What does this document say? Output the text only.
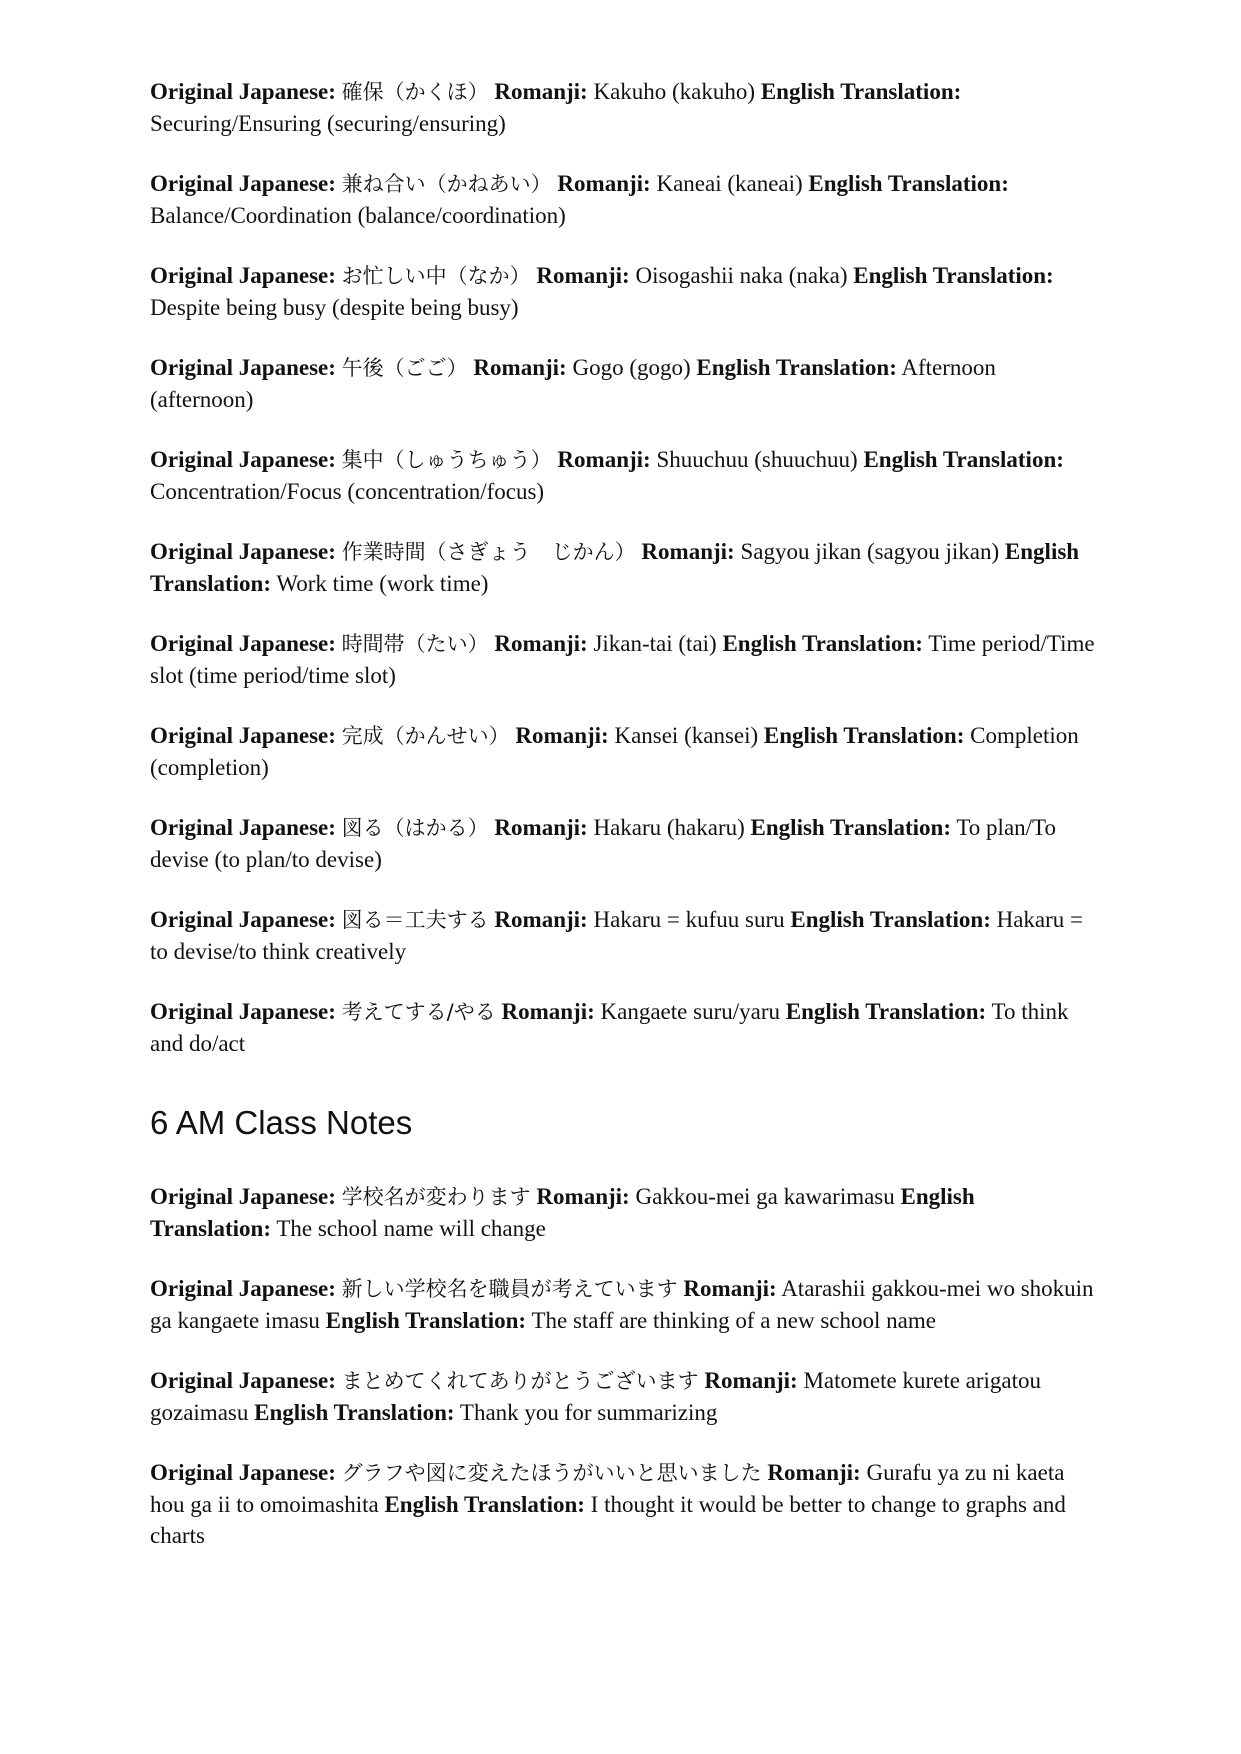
Original Japanese: 確保（かくほ） Romanji: Kakuho (kakuho) English Translation: Securing/Ensuring (securing/ensuring)

Original Japanese: 兼ね合い（かねあい） Romanji: Kaneai (kaneai) English Translation: Balance/Coordination (balance/coordination)

Original Japanese: お忙しい中（なか） Romanji: Oisogashii naka (naka) English Translation: Despite being busy (despite being busy)

Original Japanese: 午後（ごご） Romanji: Gogo (gogo) English Translation: Afternoon (afternoon)

Original Japanese: 集中（しゅうちゅう） Romanji: Shuuchuu (shuuchuu) English Translation: Concentration/Focus (concentration/focus)

Original Japanese: 作業時間（さぎょう　じかん） Romanji: Sagyou jikan (sagyou jikan) English Translation: Work time (work time)

Original Japanese: 時間帯（たい） Romanji: Jikan-tai (tai) English Translation: Time period/Time slot (time period/time slot)

Original Japanese: 完成（かんせい） Romanji: Kansei (kansei) English Translation: Completion (completion)

Original Japanese: 図る（はかる） Romanji: Hakaru (hakaru) English Translation: To plan/To devise (to plan/to devise)

Original Japanese: 図る＝工夫する Romanji: Hakaru = kufuu suru English Translation: Hakaru = to devise/to think creatively

Original Japanese: 考えてする/やる Romanji: Kangaete suru/yaru English Translation: To think and do/act

6 AM Class Notes

Original Japanese: 学校名が変わります Romanji: Gakkou-mei ga kawarimasu English Translation: The school name will change

Original Japanese: 新しい学校名を職員が考えています Romanji: Atarashii gakkou-mei wo shokuin ga kangaete imasu English Translation: The staff are thinking of a new school name

Original Japanese: まとめてくれてありがとうございます Romanji: Matomete kurete arigatou gozaimasu English Translation: Thank you for summarizing

Original Japanese: グラフや図に変えたほうがいいと思いました Romanji: Gurafu ya zu ni kaeta hou ga ii to omoimashita English Translation: I thought it would be better to change to graphs and charts
